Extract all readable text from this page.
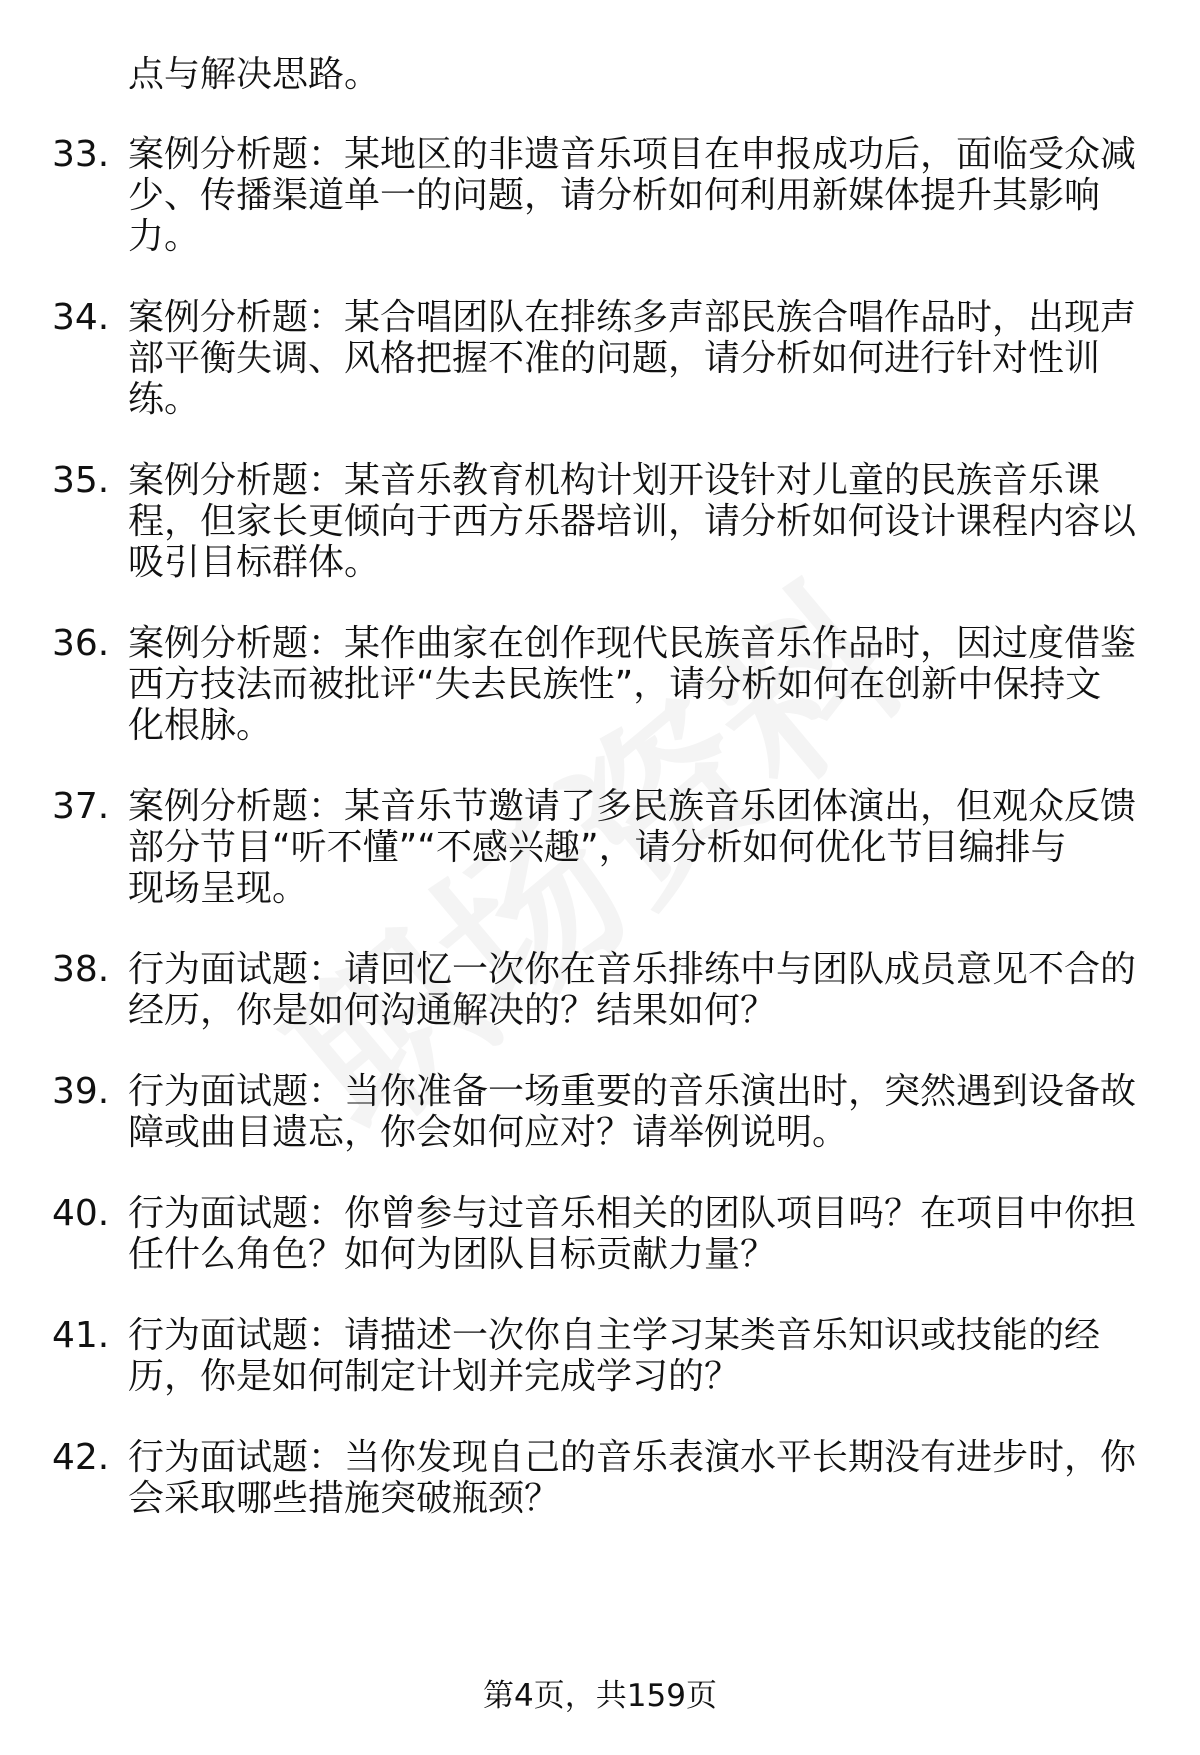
点与解决思路。
33. 案例分析题：某地区的非遗音乐项目在申报成功后，面临受众减
少、传播渠道单一的问题，请分析如何利用新媒体提升其影响
力。
34. 案例分析题：某合唱团队在排练多声部民族合唱作品时，出现声
部平衡失调、风格把握不准的问题，请分析如何进行针对性训
练。
35. 案例分析题：某音乐教育机构计划开设针对儿童的民族音乐课
程，但家长更倾向于西方乐器培训，请分析如何设计课程内容以
吸引目标群体。
36. 案例分析题：某作曲家在创作现代民族音乐作品时，因过度借鉴
西方技法而被批评“失去民族性”，请分析如何在创新中保持文
化根脉。
37. 案例分析题：某音乐节邀请了多民族音乐团体演出，但观众反馈
部分节目“听不懂”“不感兴趣”，请分析如何优化节目编排与
现场呈现。
38. 行为面试题：请回忆一次你在音乐排练中与团队成员意见不合的
经历，你是如何沟通解决的？结果如何？
39. 行为面试题：当你准备一场重要的音乐演出时，突然遇到设备故
障或曲目遗忘，你会如何应对？请举例说明。
40. 行为面试题：你曾参与过音乐相关的团队项目吗？在项目中你担
任什么角色？如何为团队目标贡献力量？
41. 行为面试题：请描述一次你自主学习某类音乐知识或技能的经
历，你是如何制定计划并完成学习的？
42. 行为面试题：当你发现自己的音乐表演水平长期没有进步时，你
会采取哪些措施突破瓶颈？
第4页，共159页
